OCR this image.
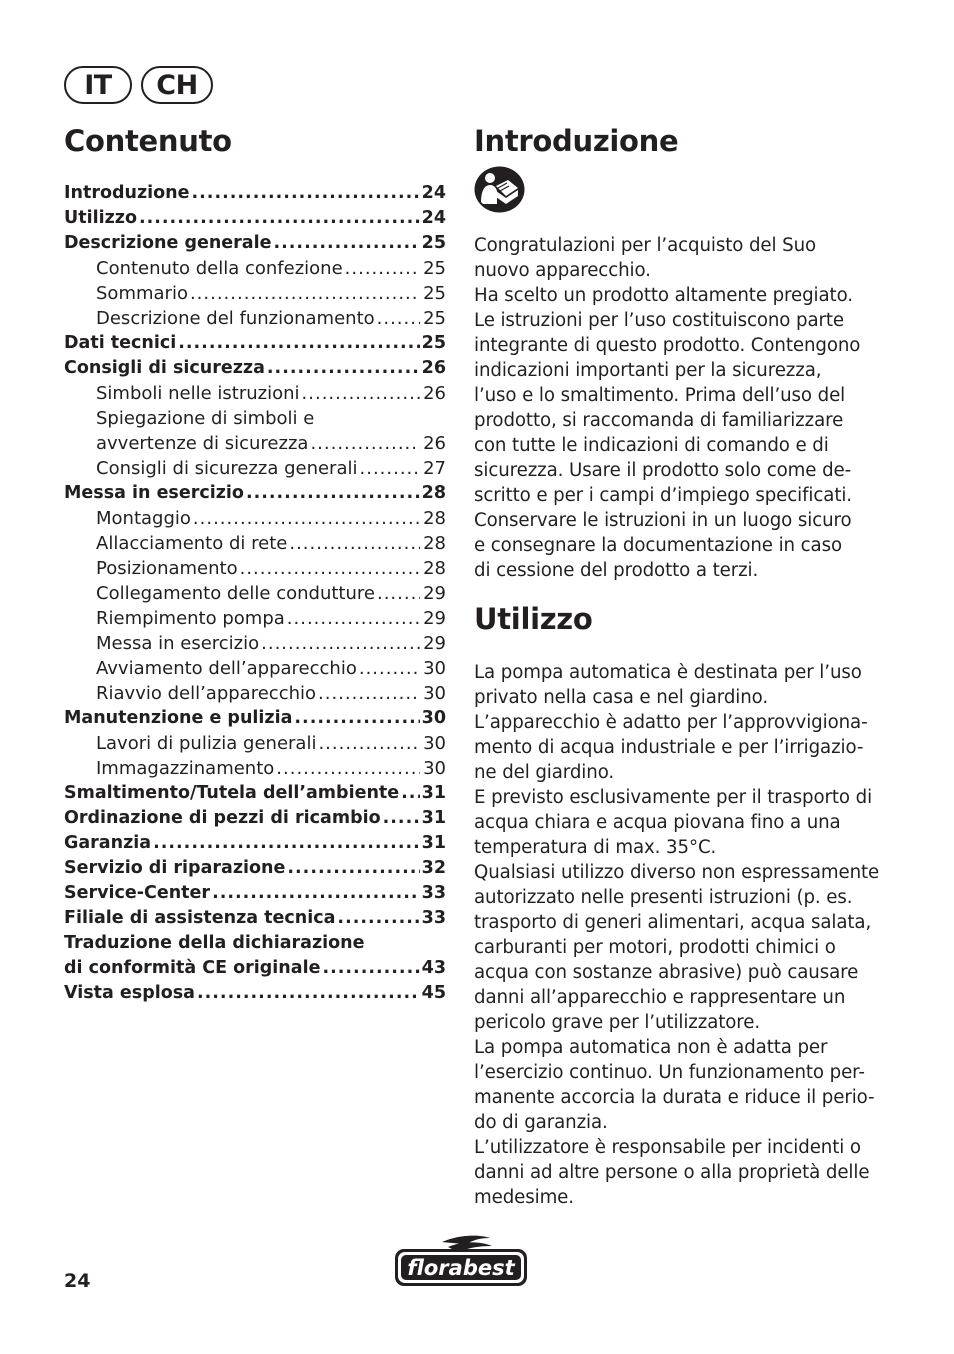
IT	CH
Contenuto
Introduzione .....	24
Utilizzo .....	24
Descrizione generale .....	25
Contenuto della confezione .....	25
Sommario .....	25
Descrizione del funzionamento .....	25
Dati tecnici .....	25
Consigli di sicurezza .....	26
Simboli nelle istruzioni .....	26
Spiegazione di simboli e
avvertenze di sicurezza .....	26
Consigli di sicurezza generali .....	27
Messa in esercizio .....	28
Montaggio .....	28
Allacciamento di rete .....	28
Posizionamento .....	28
Collegamento delle condutture .....	29
Riempimento pompa .....	29
Messa in esercizio .....	29
Avviamento dell’apparecchio .....	30
Riavvio dell’apparecchio .....	30
Manutenzione e pulizia .....	30
Lavori di pulizia generali .....	30
Immagazzinamento .....	30
Smaltimento/Tutela dell’ambiente ..... 31
Ordinazione di pezzi di ricambio ..... 31
Garanzia .....	31
Servizio di riparazione .....	32
Service-Center .....	33
Filiale di assistenza tecnica .....	33
Traduzione della dichiarazione
di conformità CE originale .....	43
Vista esplosa .....	45
Introduzione

Congratulazioni per l’acquisto del Suo
nuovo apparecchio.
Ha scelto un prodotto altamente pregiato.
Le istruzioni per l’uso costituiscono parte
integrante di questo prodotto. Contengono
indicazioni importanti per la sicurezza,
l’uso e lo smaltimento. Prima dell’uso del
prodotto, si raccomanda di familiarizzare
con tutte le indicazioni di comando e di
sicurezza. Usare il prodotto solo come de-
scritto e per i campi d’impiego specificati.
Conservare le istruzioni in un luogo sicuro
e consegnare la documentazione in caso
di cessione del prodotto a terzi.

Utilizzo

La pompa automatica è destinata per l’uso
privato nella casa e nel giardino.
L’apparecchio è adatto per l’approvvigiona-
mento di acqua industriale e per l’irrigazio-
ne del giardino.
E previsto esclusivamente per il trasporto di
acqua chiara e acqua piovana fino a una
temperatura di max. 35°C.
Qualsiasi utilizzo diverso non espressamente
autorizzato nelle presenti istruzioni (p. es.
trasporto di generi alimentari, acqua salata,
carburanti per motori, prodotti chimici o
acqua con sostanze abrasive) può causare
danni all’apparecchio e rappresentare un
pericolo grave per l’utilizzatore.
La pompa automatica non è adatta per
l’esercizio continuo. Un funzionamento per-
manente accorcia la durata e riduce il perio-
do di garanzia.
L’utilizzatore è responsabile per incidenti o
danni ad altre persone o alla proprietà delle
medesime.

24
florabest
